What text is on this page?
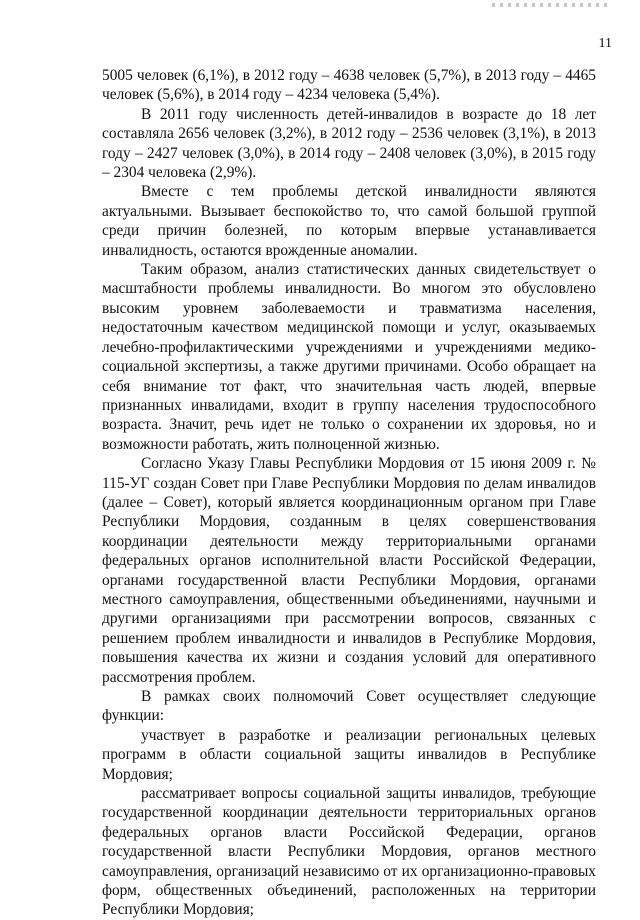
11

5005 человек (6,1%), в 2012 году – 4638 человек (5,7%), в 2013 году – 4465 человек (5,6%), в 2014 году – 4234 человека (5,4%).

В 2011 году численность детей-инвалидов в возрасте до 18 лет составляла 2656 человек (3,2%), в 2012 году – 2536 человек (3,1%), в 2013 году – 2427 человек (3,0%), в 2014 году – 2408 человек (3,0%), в 2015 году – 2304 человека (2,9%).

Вместе с тем проблемы детской инвалидности являются актуальными. Вызывает беспокойство то, что самой большой группой среди причин болезней, по которым впервые устанавливается инвалидность, остаются врожденные аномалии.

Таким образом, анализ статистических данных свидетельствует о масштабности проблемы инвалидности. Во многом это обусловлено высоким уровнем заболеваемости и травматизма населения, недостаточным качеством медицинской помощи и услуг, оказываемых лечебно-профилактическими учреждениями и учреждениями медико-социальной экспертизы, а также другими причинами. Особо обращает на себя внимание тот факт, что значительная часть людей, впервые признанных инвалидами, входит в группу населения трудоспособного возраста. Значит, речь идет не только о сохранении их здоровья, но и возможности работать, жить полноценной жизнью.

Согласно Указу Главы Республики Мордовия от 15 июня 2009 г. № 115-УГ создан Совет при Главе Республики Мордовия по делам инвалидов (далее – Совет), который является координационным органом при Главе Республики Мордовия, созданным в целях совершенствования координации деятельности между территориальными органами федеральных органов исполнительной власти Российской Федерации, органами государственной власти Республики Мордовия, органами местного самоуправления, общественными объединениями, научными и другими организациями при рассмотрении вопросов, связанных с решением проблем инвалидности и инвалидов в Республике Мордовия, повышения качества их жизни и создания условий для оперативного рассмотрения проблем.

В рамках своих полномочий Совет осуществляет следующие функции:

участвует в разработке и реализации региональных целевых программ в области социальной защиты инвалидов в Республике Мордовия;

рассматривает вопросы социальной защиты инвалидов, требующие государственной координации деятельности территориальных органов федеральных органов власти Российской Федерации, органов государственной власти Республики Мордовия, органов местного самоуправления, организаций независимо от их организационно-правовых форм, общественных объединений, расположенных на территории Республики Мордовия;
